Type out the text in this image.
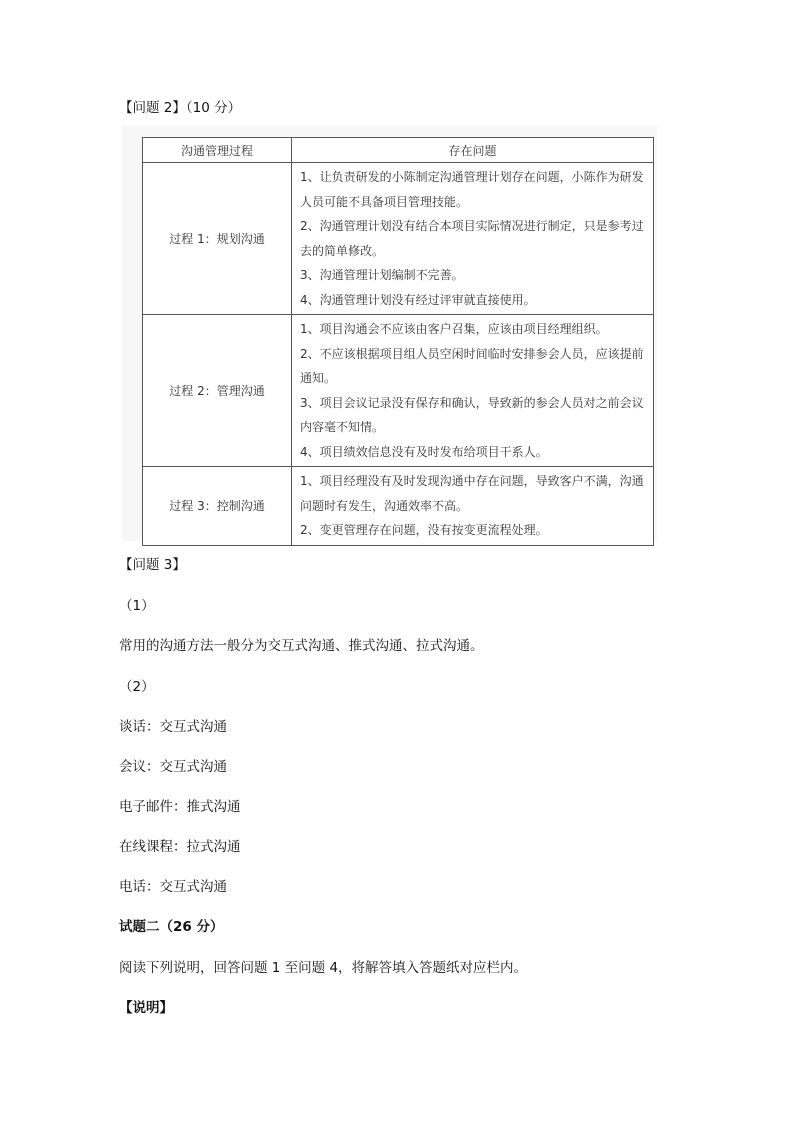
【问题 2】（10 分）
沟通管理过程	存在问题
过程 1：规划沟通	1、让负责研发的小陈制定沟通管理计划存在问题，小陈作为研发人员可能不具备项目管理技能。
2、沟通管理计划没有结合本项目实际情况进行制定，只是参考过去的简单修改。
3、沟通管理计划编制不完善。
4、沟通管理计划没有经过评审就直接使用。

过程 2：管理沟通	1、项目沟通会不应该由客户召集，应该由项目经理组织。
2、不应该根据项目组人员空闲时间临时安排参会人员，应该提前通知。
3、项目会议记录没有保存和确认，导致新的参会人员对之前会议内容毫不知情。
4、项目绩效信息没有及时发布给项目干系人。

过程 3：控制沟通	1、项目经理没有及时发现沟通中存在问题，导致客户不满，沟通问题时有发生，沟通效率不高。
2、变更管理存在问题，没有按变更流程处理。
【问题 3】
（1）
常用的沟通方法一般分为交互式沟通、推式沟通、拉式沟通。
（2）
谈话：交互式沟通
会议：交互式沟通
电子邮件：推式沟通
在线课程：拉式沟通
电话：交互式沟通
试题二（26 分）
阅读下列说明，回答问题 1 至问题 4，将解答填入答题纸对应栏内。
【说明】
